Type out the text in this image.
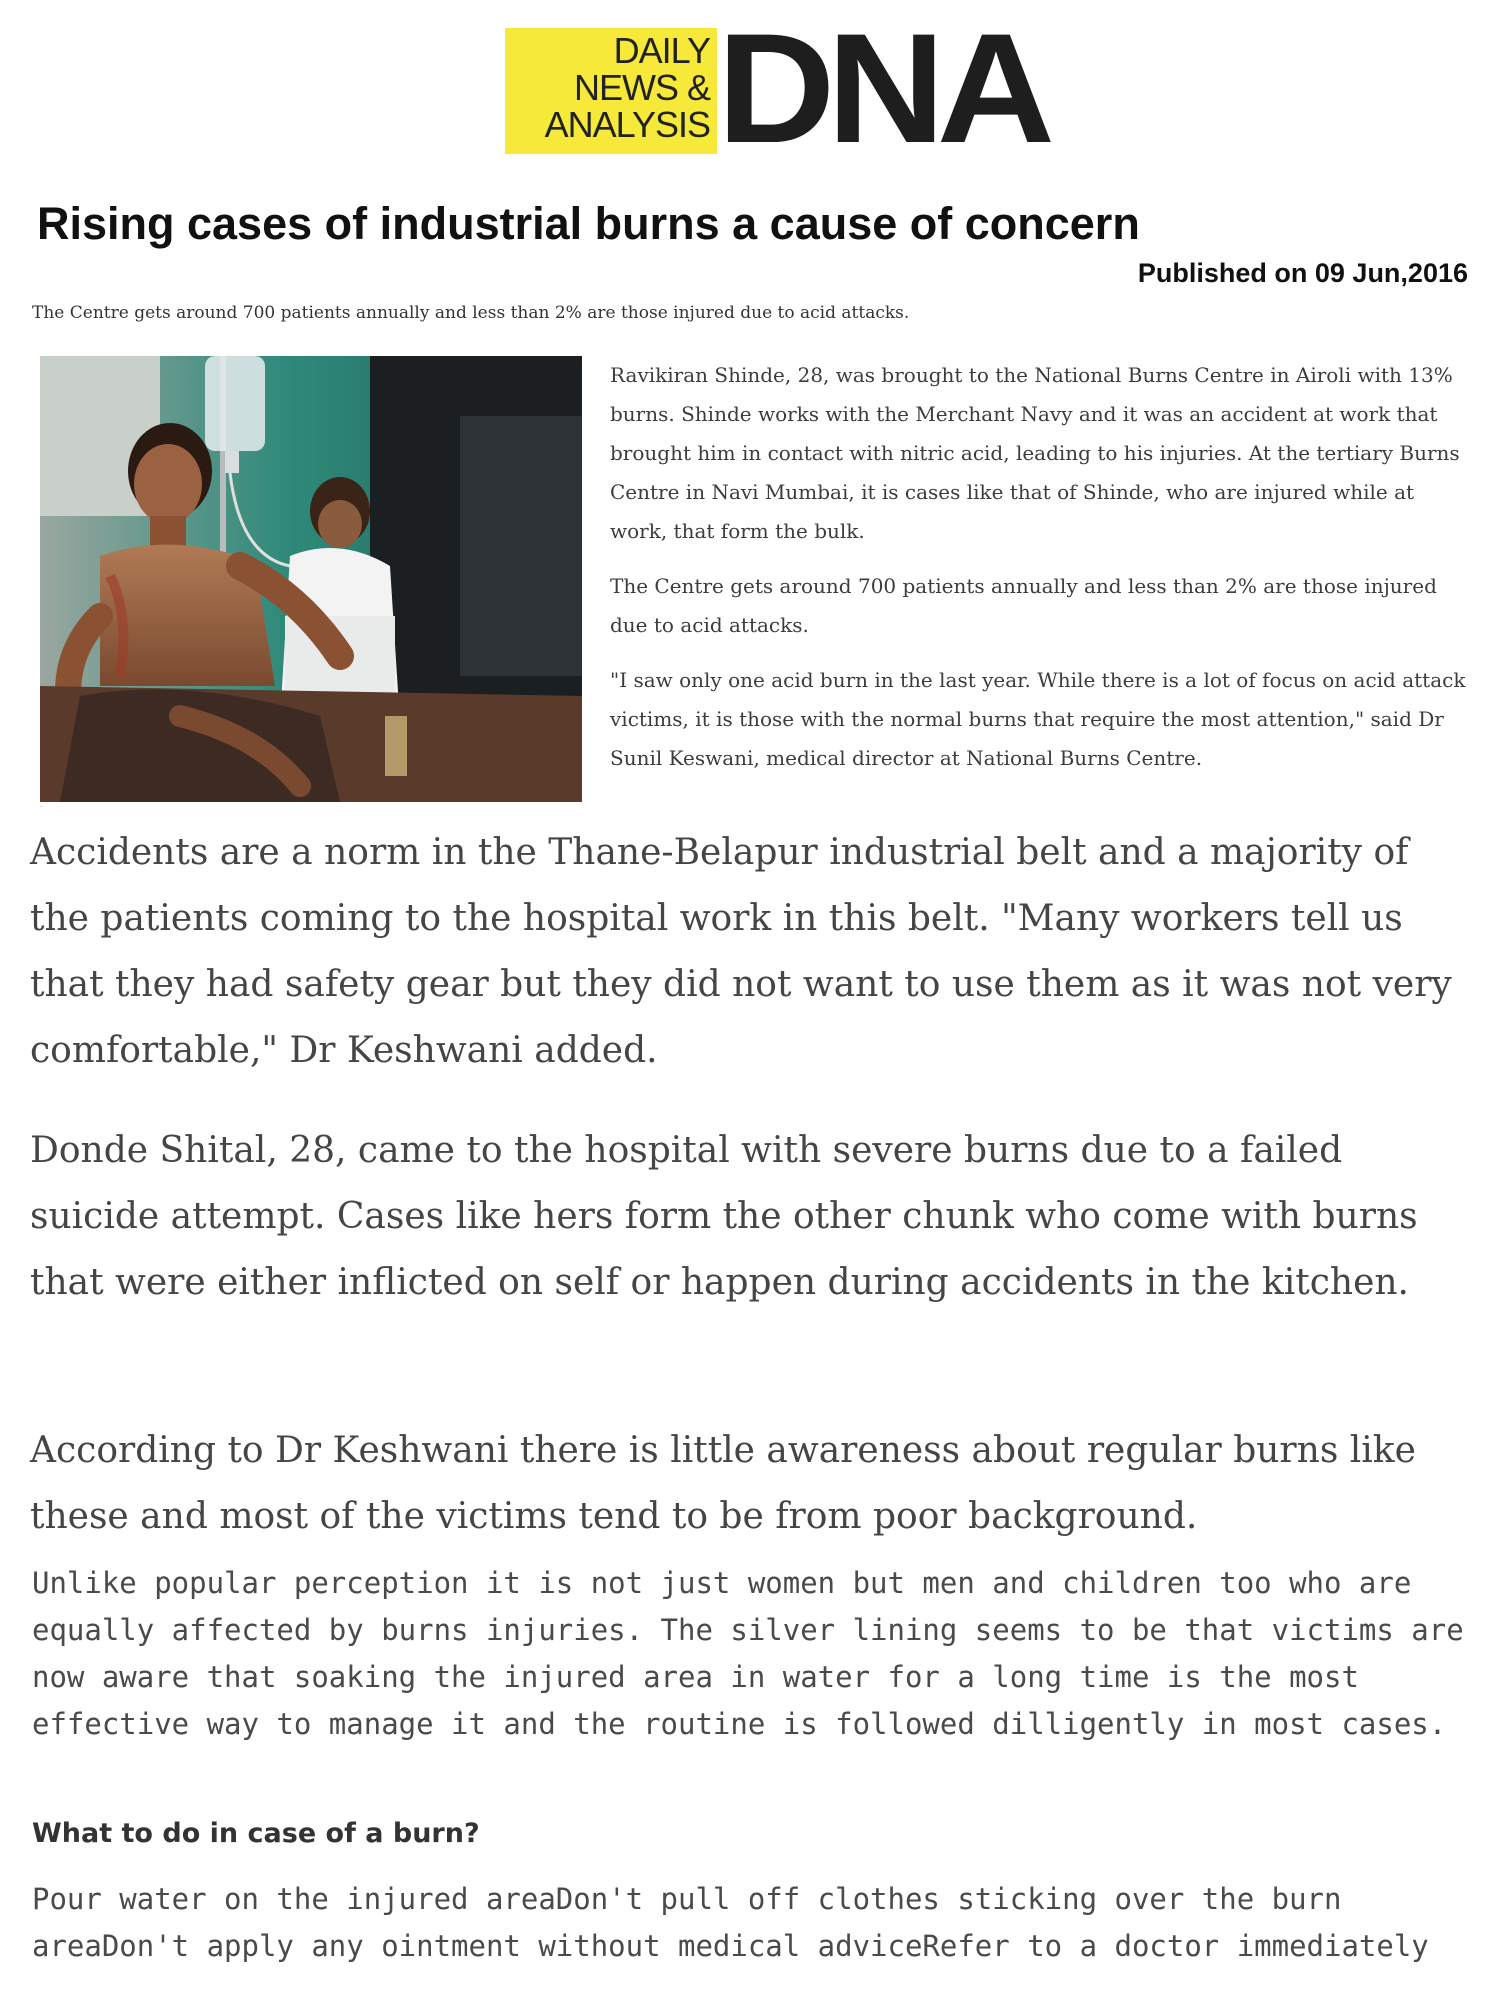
DAILY
NEWS &
ANALYSIS DNA
Rising cases of industrial burns a cause of concern
Published on 09 Jun,2016
The Centre gets around 700 patients annually and less than 2% are those injured due to acid attacks.
·

Ravikiran Shinde, 28, was brought to the National Burns Centre in Airoli with 13% burns. Shinde works with the Merchant Navy and it was an accident at work that brought him in contact with nitric acid, leading to his injuries. At the tertiary Burns Centre in Navi Mumbai, it is cases like that of Shinde, who are injured while at work, that form the bulk.

The Centre gets around 700 patients annually and less than 2% are those injured due to acid attacks.

"I saw only one acid burn in the last year. While there is a lot of focus on acid attack victims, it is those with the normal burns that require the most attention," said Dr Sunil Keswani, medical director at National Burns Centre.

Accidents are a norm in the Thane-Belapur industrial belt and a majority of the patients coming to the hospital work in this belt. "Many workers tell us that they had safety gear but they did not want to use them as it was not very comfortable," Dr Keshwani added.

Donde Shital, 28, came to the hospital with severe burns due to a failed suicide attempt. Cases like hers form the other chunk who come with burns that were either inflicted on self or happen during accidents in the kitchen.

According to Dr Keshwani there is little awareness about regular burns like these and most of the victims tend to be from poor background.

Unlike popular perception it is not just women but men and children too who are equally affected by burns injuries. The silver lining seems to be that victims are now aware that soaking the injured area in water for a long time is the most effective way to manage it and the routine is followed dilligently in most cases.

What to do in case of a burn?

Pour water on the injured areaDon't pull off clothes sticking over the burn areaDon't apply any ointment without medical adviceRefer to a doctor immediately
